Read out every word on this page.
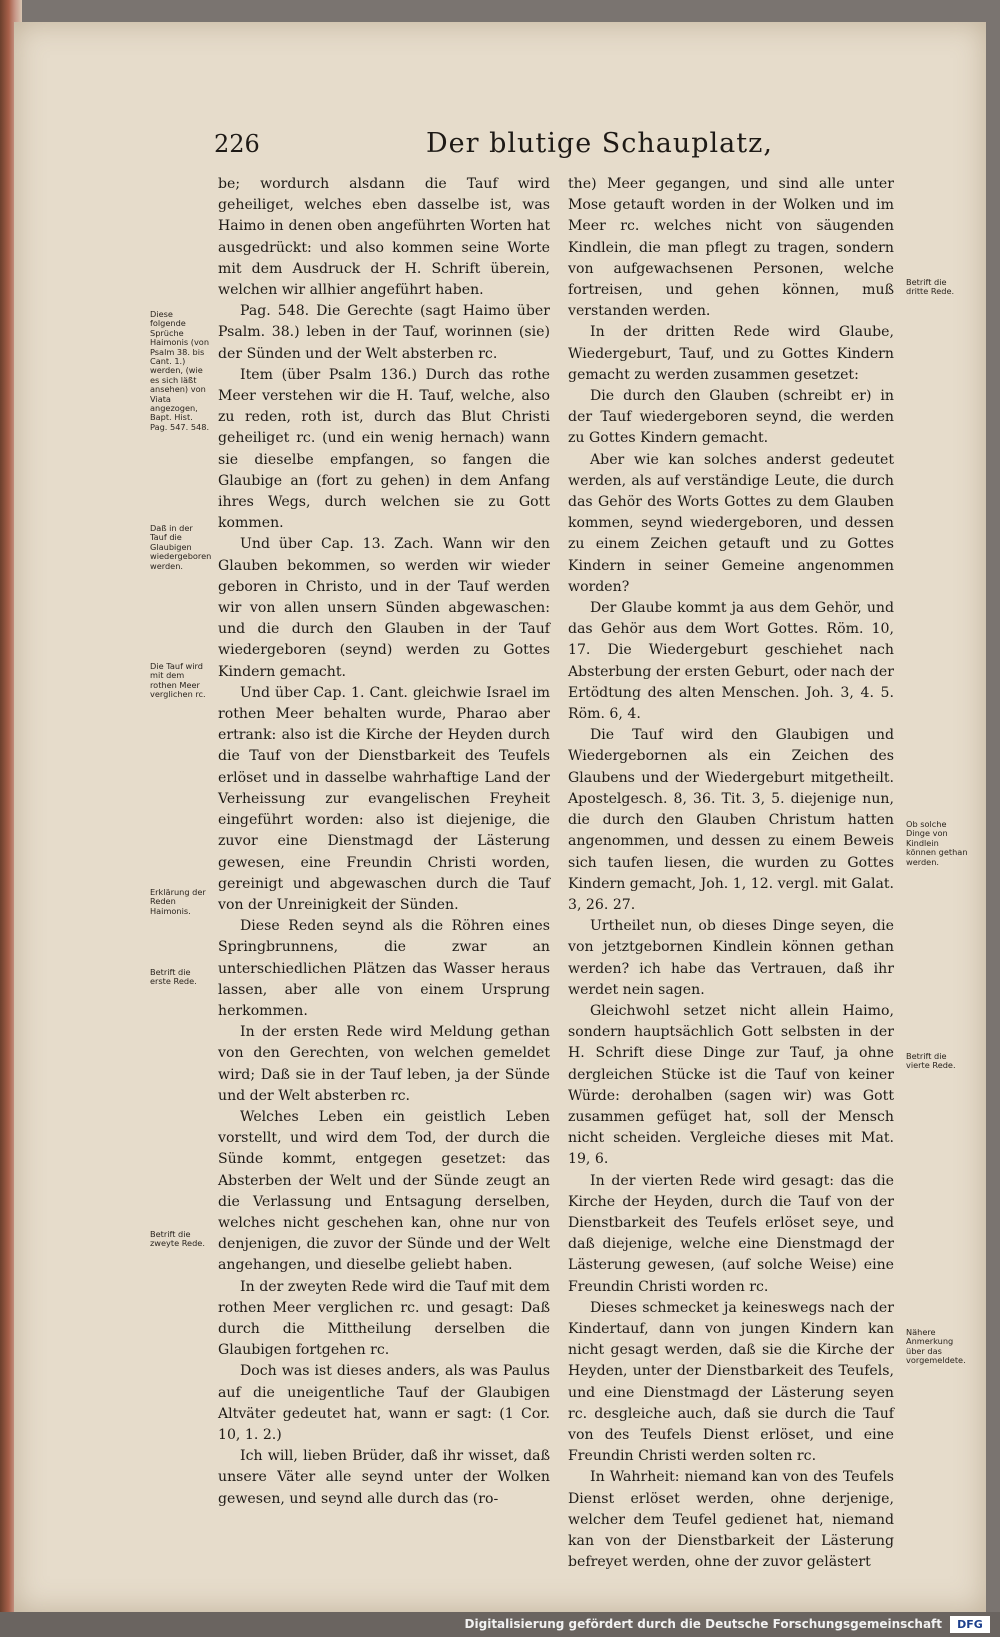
226	Der blutige Schauplatz,

be; wordurch alsdann die Tauf wird geheiliget, welches eben dasselbe ist, was Haimo in denen oben angeführten Worten hat ausgedrückt: und also kommen seine Worte mit dem Ausdruck der H. Schrift überein, welchen wir allhier angeführt haben.

Pag. 548. Die Gerechte (sagt Haimo über Psalm. 38.) leben in der Tauf, worinnen (sie) der Sünden und der Welt absterben rc.

Item (über Psalm 136.) Durch das rothe Meer verstehen wir die H. Tauf, welche, also zu reden, roth ist, durch das Blut Christi geheiliget rc. (und ein wenig hernach) wann sie dieselbe empfangen, so fangen die Glaubige an (fort zu gehen) in dem Anfang ihres Wegs, durch welchen sie zu Gott kommen.

Und über Cap. 13. Zach. Wann wir den Glauben bekommen, so werden wir wieder geboren in Christo, und in der Tauf werden wir von allen unsern Sünden abgewaschen: und die durch den Glauben in der Tauf wiedergeboren (seynd) werden zu Gottes Kindern gemacht.

Und über Cap. 1. Cant. gleichwie Israel im rothen Meer behalten wurde, Pharao aber ertrank: also ist die Kirche der Heyden durch die Tauf von der Dienstbarkeit des Teufels erlöset und in dasselbe wahrhaftige Land der Verheissung zur evangelischen Freyheit eingeführt worden: also ist diejenige, die zuvor eine Dienstmagd der Lästerung gewesen, eine Freundin Christi worden, gereinigt und abgewaschen durch die Tauf von der Unreinigkeit der Sünden.

Diese Reden seynd als die Röhren eines Springbrunnens, die zwar an unterschiedlichen Plätzen das Wasser heraus lassen, aber alle von einem Ursprung herkommen.

In der ersten Rede wird Meldung gethan von den Gerechten, von welchen gemeldet wird; Daß sie in der Tauf leben, ja der Sünde und der Welt absterben rc.

Welches Leben ein geistlich Leben vorstellt, und wird dem Tod, der durch die Sünde kommt, entgegen gesetzet: das Absterben der Welt und der Sünde zeugt an die Verlassung und Entsagung derselben, welches nicht geschehen kan, ohne nur von denjenigen, die zuvor der Sünde und der Welt angehangen, und dieselbe geliebt haben.

In der zweyten Rede wird die Tauf mit dem rothen Meer verglichen rc. und gesagt: Daß durch die Mittheilung derselben die Glaubigen fortgehen rc.

Doch was ist dieses anders, als was Paulus auf die uneigentliche Tauf der Glaubigen Altväter gedeutet hat, wann er sagt: (1 Cor. 10, 1. 2.)

Ich will, lieben Brüder, daß ihr wisset, daß unsere Väter alle seynd unter der Wolken gewesen, und seynd alle durch das (ro-

the) Meer gegangen, und sind alle unter Mose getauft worden in der Wolken und im Meer rc. welches nicht von säugenden Kindlein, die man pflegt zu tragen, sondern von aufgewachsenen Personen, welche fortreisen, und gehen können, muß verstanden werden.

In der dritten Rede wird Glaube, Wiedergeburt, Tauf, und zu Gottes Kindern gemacht zu werden zusammen gesetzet:

Die durch den Glauben (schreibt er) in der Tauf wiedergeboren seynd, die werden zu Gottes Kindern gemacht.

Aber wie kan solches anderst gedeutet werden, als auf verständige Leute, die durch das Gehör des Worts Gottes zu dem Glauben kommen, seynd wiedergeboren, und dessen zu einem Zeichen getauft und zu Gottes Kindern in seiner Gemeine angenommen worden?

Der Glaube kommt ja aus dem Gehör, und das Gehör aus dem Wort Gottes. Röm. 10, 17. Die Wiedergeburt geschiehet nach Absterbung der ersten Geburt, oder nach der Ertödtung des alten Menschen. Joh. 3, 4. 5. Röm. 6, 4.

Die Tauf wird den Glaubigen und Wiedergebornen als ein Zeichen des Glaubens und der Wiedergeburt mitgetheilt. Apostelgesch. 8, 36. Tit. 3, 5. diejenige nun, die durch den Glauben Christum hatten angenommen, und dessen zu einem Beweis sich taufen liesen, die wurden zu Gottes Kindern gemacht, Joh. 1, 12. vergl. mit Galat. 3, 26. 27.

Urtheilet nun, ob dieses Dinge seyen, die von jetztgebornen Kindlein können gethan werden? ich habe das Vertrauen, daß ihr werdet nein sagen.

Gleichwohl setzet nicht allein Haimo, sondern hauptsächlich Gott selbsten in der H. Schrift diese Dinge zur Tauf, ja ohne dergleichen Stücke ist die Tauf von keiner Würde: derohalben (sagen wir) was Gott zusammen gefüget hat, soll der Mensch nicht scheiden. Vergleiche dieses mit Mat. 19, 6.

In der vierten Rede wird gesagt: das die Kirche der Heyden, durch die Tauf von der Dienstbarkeit des Teufels erlöset seye, und daß diejenige, welche eine Dienstmagd der Lästerung gewesen, (auf solche Weise) eine Freundin Christi worden rc.

Dieses schmecket ja keineswegs nach der Kindertauf, dann von jungen Kindern kan nicht gesagt werden, daß sie die Kirche der Heyden, unter der Dienstbarkeit des Teufels, und eine Dienstmagd der Lästerung seyen rc. desgleiche auch, daß sie durch die Tauf von des Teufels Dienst erlöset, und eine Freundin Christi werden solten rc.

In Wahrheit: niemand kan von des Teufels Dienst erlöset werden, ohne derjenige, welcher dem Teufel gedienet hat, niemand kan von der Dienstbarkeit der Lästerung befreyet werden, ohne der zuvor gelästert

Diese folgende Sprüche Haimonis (von Psalm 38. bis Cant. 1.) werden, (wie es sich läßt ansehen) von Viata angezogen, Bapt. Hist. Pag. 547. 548.
Daß in der Tauf die Glaubigen wiedergeboren werden.
Die Tauf wird mit dem rothen Meer verglichen rc.
Erklärung der Reden Haimonis.
Betrift die erste Rede.
Betrift die zweyte Rede.
Betrift die dritte Rede.
Ob solche Dinge von Kindlein können gethan werden.
Betrift die vierte Rede.
Nähere Anmerkung über das vorgemeldete.
Digitalisierung gefördert durch die Deutsche Forschungsgemeinschaft	DFG
